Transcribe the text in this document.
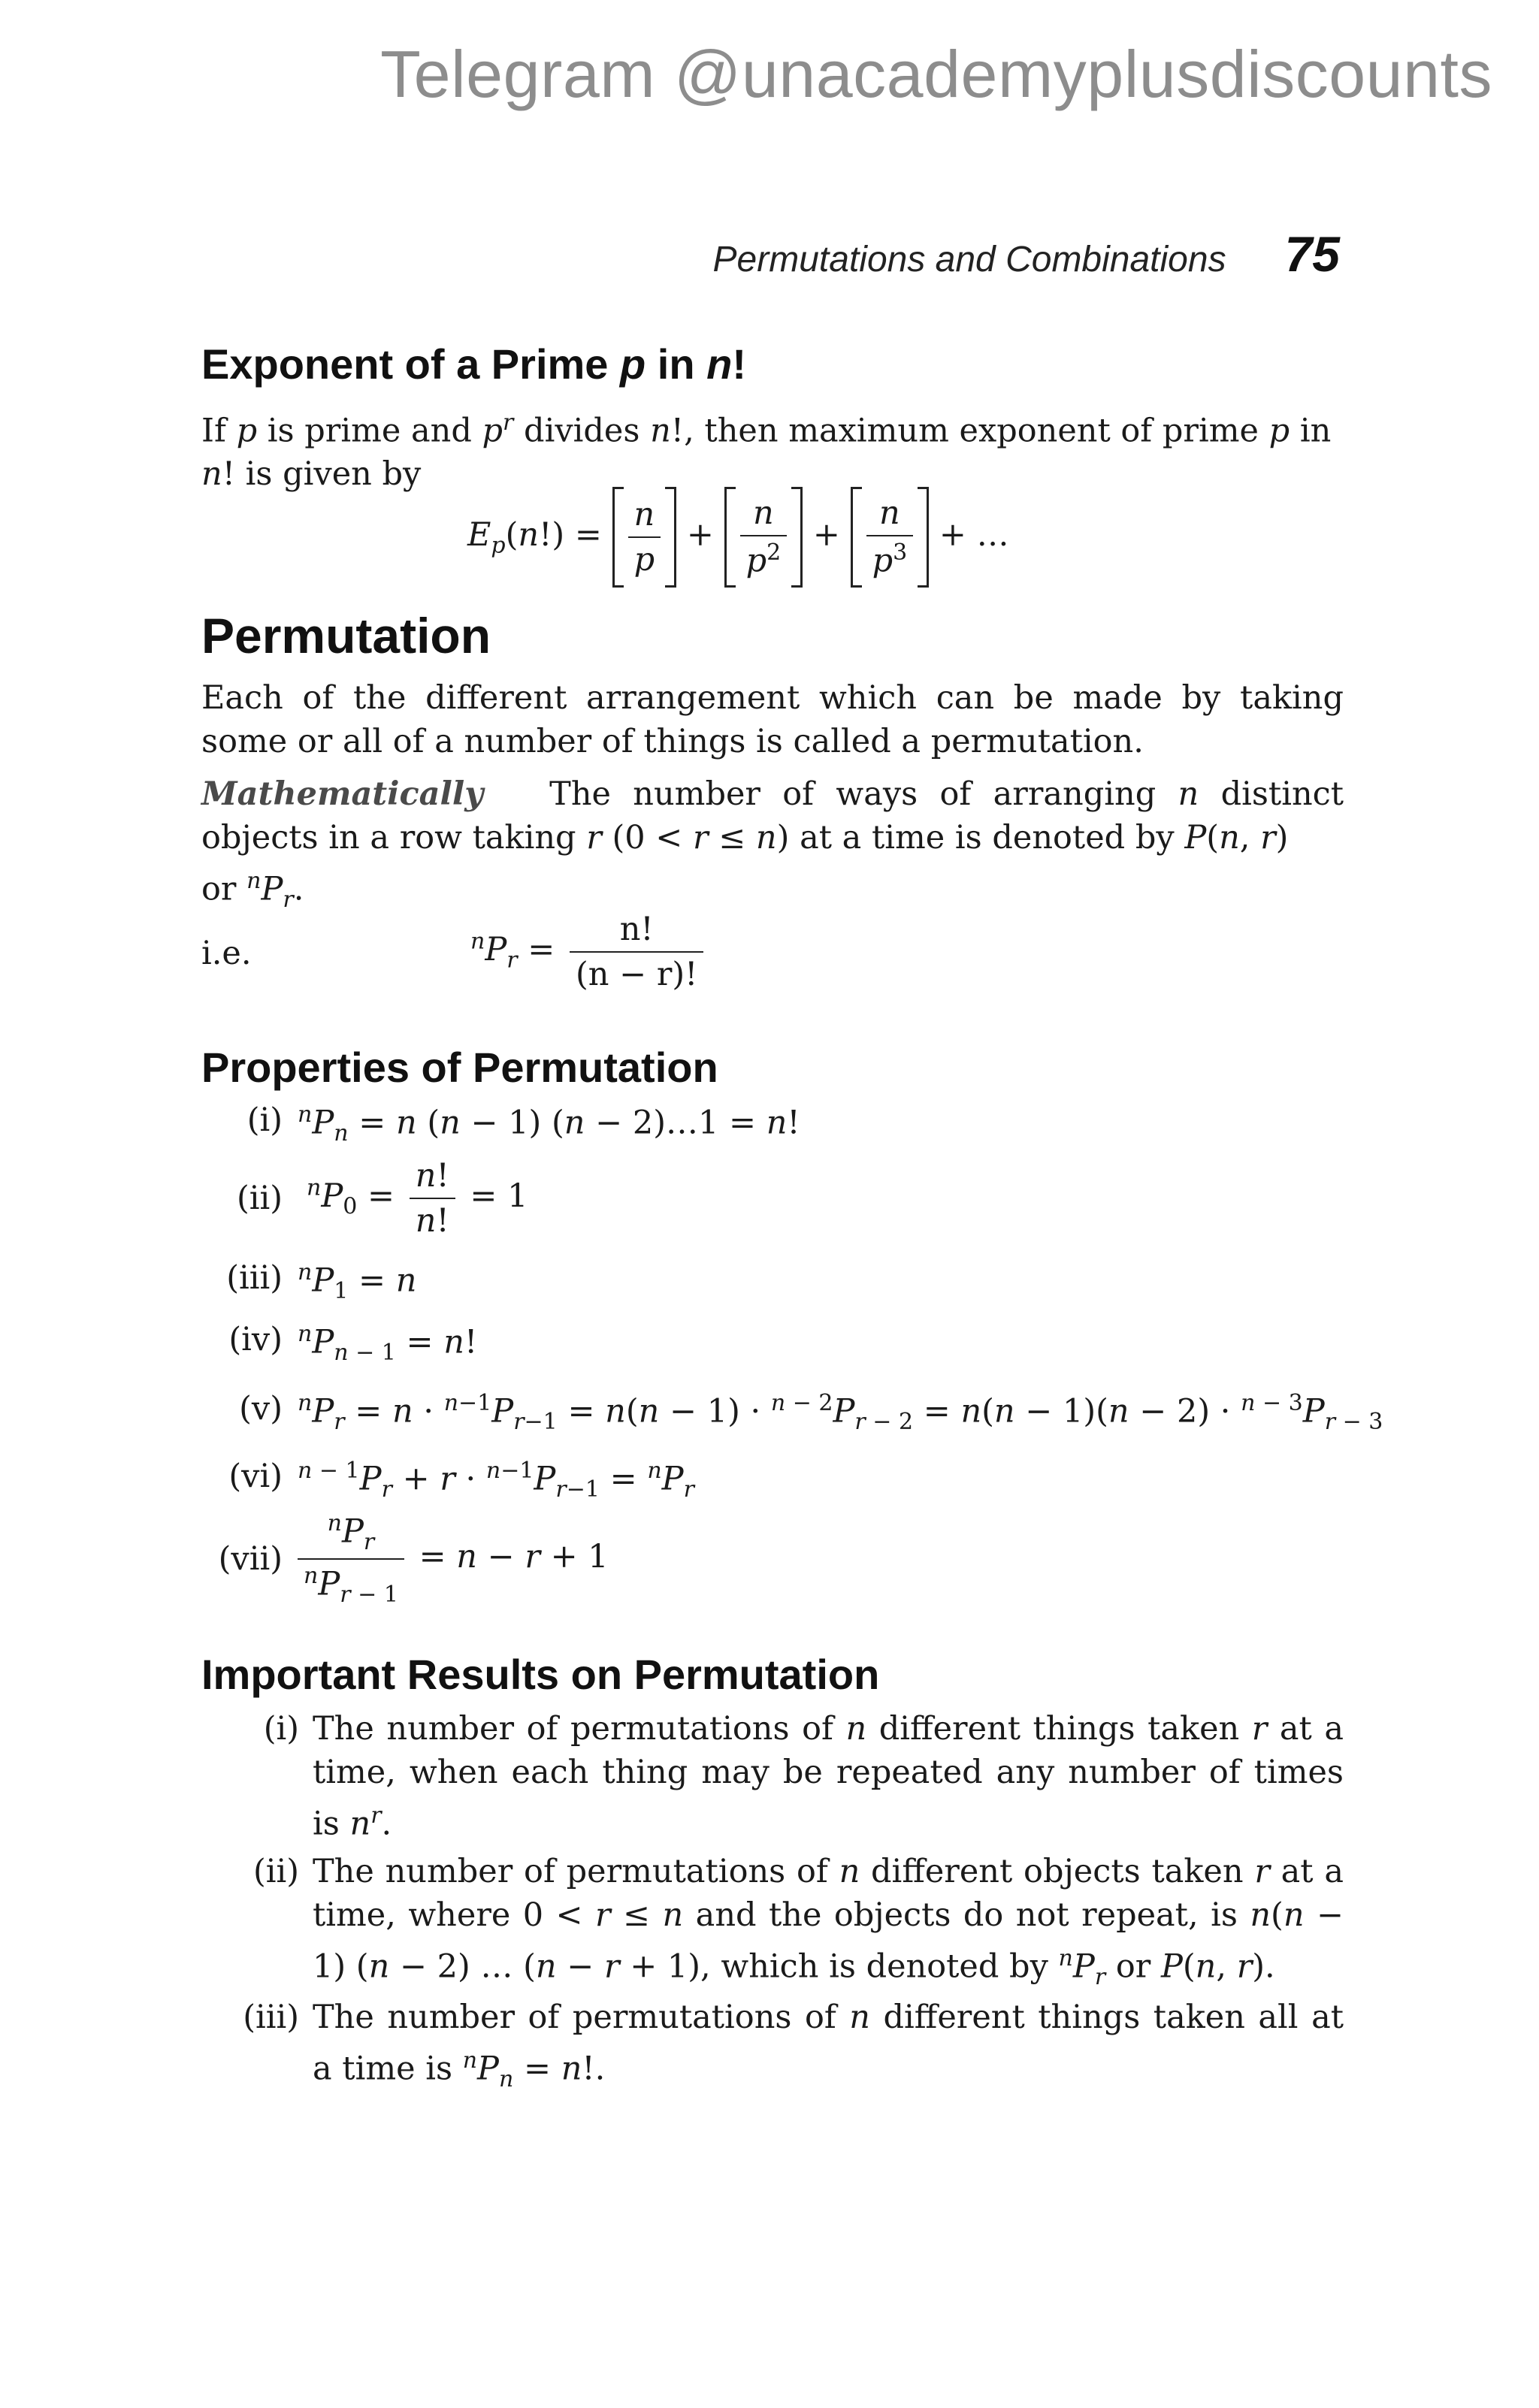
Telegram @unacademyplusdiscounts
Permutations and Combinations 75
Exponent of a Prime p in n!

If p is prime and $p^r$ divides n!, then maximum exponent of prime p in
n! is given by

$E_p(n!) = \frac{n}{p} + \frac{n}{p^2} + \frac{n}{p^3}$ + …
Permutation

Each of the different arrangement which can be made by taking some or all of a number of things is called a permutation.

Mathematically   The number of ways of arranging n distinct objects in a row taking r (0 < r ≤ n) at a time is denoted by P(n, r)
or $^nP_r$.

i.e.	$^nP_r = \frac{n!}{(n - r)!}$
Properties of Permutation
(i) $^nP_n = n$ (n − 1) (n − 2)…1 = n!
(ii) $^nP_0 = \frac{n!}{n!} = 1$
(iii) $^nP_1 = n$
(iv) $^nP_{n - 1} = n$!
(v) $^nP_r = n \cdot ^{n-1}P_{r-1} = n(n - 1) \cdot ^{n - 2}P_{r - 2} = n(n - 1)(n - 2) \cdot ^{n - 3}P_{r - 3}$
(vi) $^{n - 1}P_r + r \cdot ^{n-1}P_{r-1} = ^nP_r$
$(vii) \frac{^nP_r}{^nP_{r - 1}} = n - r + 1$
Important Results on Permutation
(i) The number of permutations of n different things taken r at a time, when each thing may be repeated any number of times is $n^r$.
(ii) The number of permutations of n different objects taken r at a time, where 0 < r ≤ n and the objects do not repeat, is n(n − 1) (n − 2) … (n − r + 1), which is denoted by $^nP_r$ or P(n, r).
(iii) The number of permutations of n different things taken all at a time is $^nP_n = n$!.
